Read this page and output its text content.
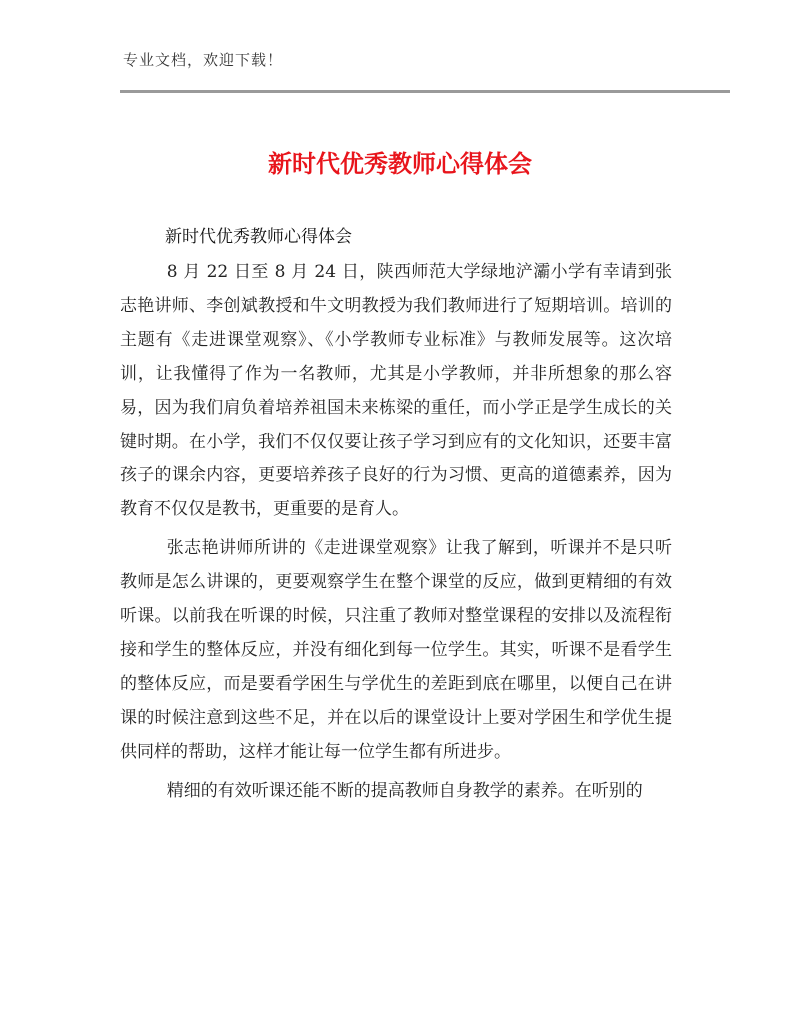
专业文档，欢迎下载！
新时代优秀教师心得体会
新时代优秀教师心得体会

8 月 22 日至 8 月 24 日，陕西师范大学绿地浐灞小学有幸请到张志艳讲师、李创斌教授和牛文明教授为我们教师进行了短期培训。培训的主题有《走进课堂观察》、《小学教师专业标准》与教师发展等。这次培训，让我懂得了作为一名教师，尤其是小学教师，并非所想象的那么容易，因为我们肩负着培养祖国未来栋梁的重任，而小学正是学生成长的关键时期。在小学，我们不仅仅要让孩子学习到应有的文化知识，还要丰富孩子的课余内容，更要培养孩子良好的行为习惯、更高的道德素养，因为教育不仅仅是教书，更重要的是育人。

张志艳讲师所讲的《走进课堂观察》让我了解到，听课并不是只听教师是怎么讲课的，更要观察学生在整个课堂的反应，做到更精细的有效听课。以前我在听课的时候，只注重了教师对整堂课程的安排以及流程衔接和学生的整体反应，并没有细化到每一位学生。其实，听课不是看学生的整体反应，而是要看学困生与学优生的差距到底在哪里，以便自己在讲课的时候注意到这些不足，并在以后的课堂设计上要对学困生和学优生提供同样的帮助，这样才能让每一位学生都有所进步。

精细的有效听课还能不断的提高教师自身教学的素养。在听别的
